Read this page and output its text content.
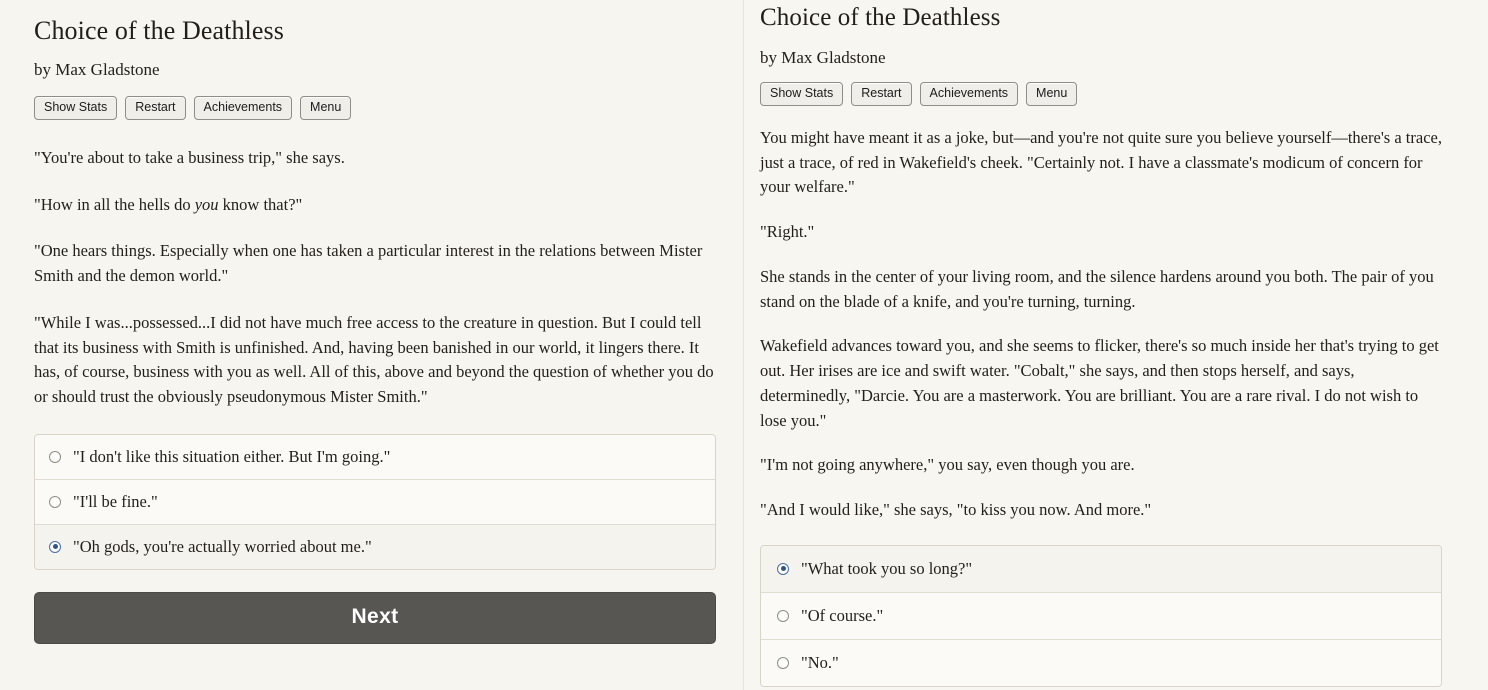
Choice of the Deathless
by Max Gladstone
Show Stats	Restart	Achievements	Menu

"You're about to take a business trip," she says.

"How in all the hells do you know that?"

"One hears things. Especially when one has taken a particular interest in the relations between Mister Smith and the demon world."

"While I was...possessed...I did not have much free access to the creature in question. But I could tell that its business with Smith is unfinished. And, having been banished in our world, it lingers there. It has, of course, business with you as well. All of this, above and beyond the question of whether you do or should trust the obviously pseudonymous Mister Smith."

"I don't like this situation either. But I'm going."
"I'll be fine."
"Oh gods, you're actually worried about me."
Next
Choice of the Deathless
by Max Gladstone
Show Stats	Restart	Achievements	Menu

You might have meant it as a joke, but—and you're not quite sure you believe yourself—there's a trace, just a trace, of red in Wakefield's cheek. "Certainly not. I have a classmate's modicum of concern for your welfare."

"Right."

She stands in the center of your living room, and the silence hardens around you both. The pair of you stand on the blade of a knife, and you're turning, turning.

Wakefield advances toward you, and she seems to flicker, there's so much inside her that's trying to get out. Her irises are ice and swift water. "Cobalt," she says, and then stops herself, and says, determinedly, "Darcie. You are a masterwork. You are brilliant. You are a rare rival. I do not wish to lose you."

"I'm not going anywhere," you say, even though you are.

"And I would like," she says, "to kiss you now. And more."

"What took you so long?"
"Of course."
"No."
